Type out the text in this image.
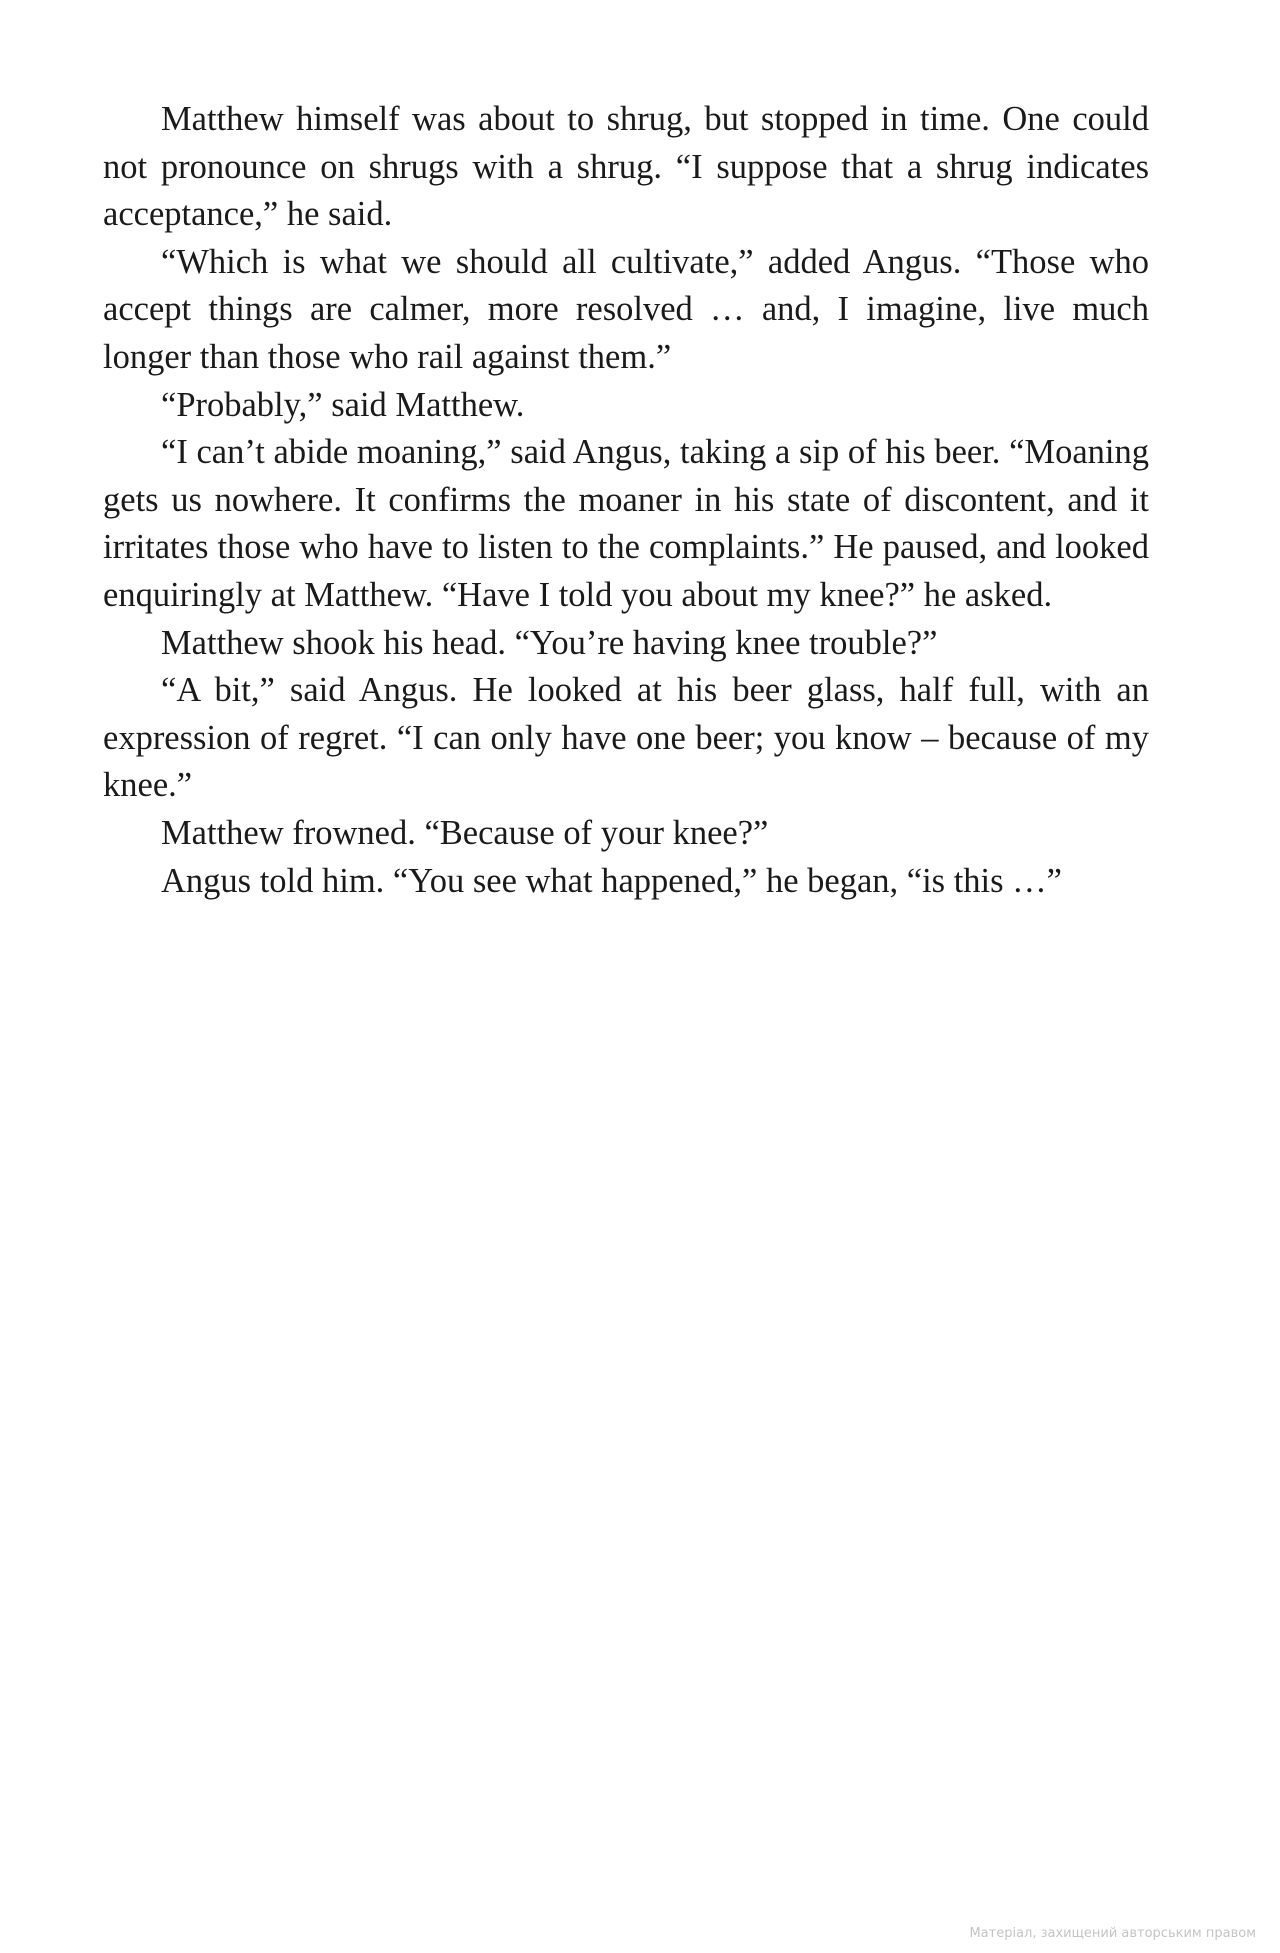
Matthew himself was about to shrug, but stopped in time. One could not pronounce on shrugs with a shrug. “I suppose that a shrug indicates acceptance,” he said.

“Which is what we should all cultivate,” added Angus. “Those who accept things are calmer, more resolved … and, I imagine, live much longer than those who rail against them.”

“Probably,” said Matthew.

“I can’t abide moaning,” said Angus, taking a sip of his beer. “Moaning gets us nowhere. It confirms the moaner in his state of discontent, and it irritates those who have to listen to the complaints.” He paused, and looked enquiringly at Matthew. “Have I told you about my knee?” he asked.

Matthew shook his head. “You’re having knee trouble?”

“A bit,” said Angus. He looked at his beer glass, half full, with an expression of regret. “I can only have one beer; you know – because of my knee.”

Matthew frowned. “Because of your knee?”

Angus told him. “You see what happened,” he began, “is this …”

Матеріал, захищений авторським правом
